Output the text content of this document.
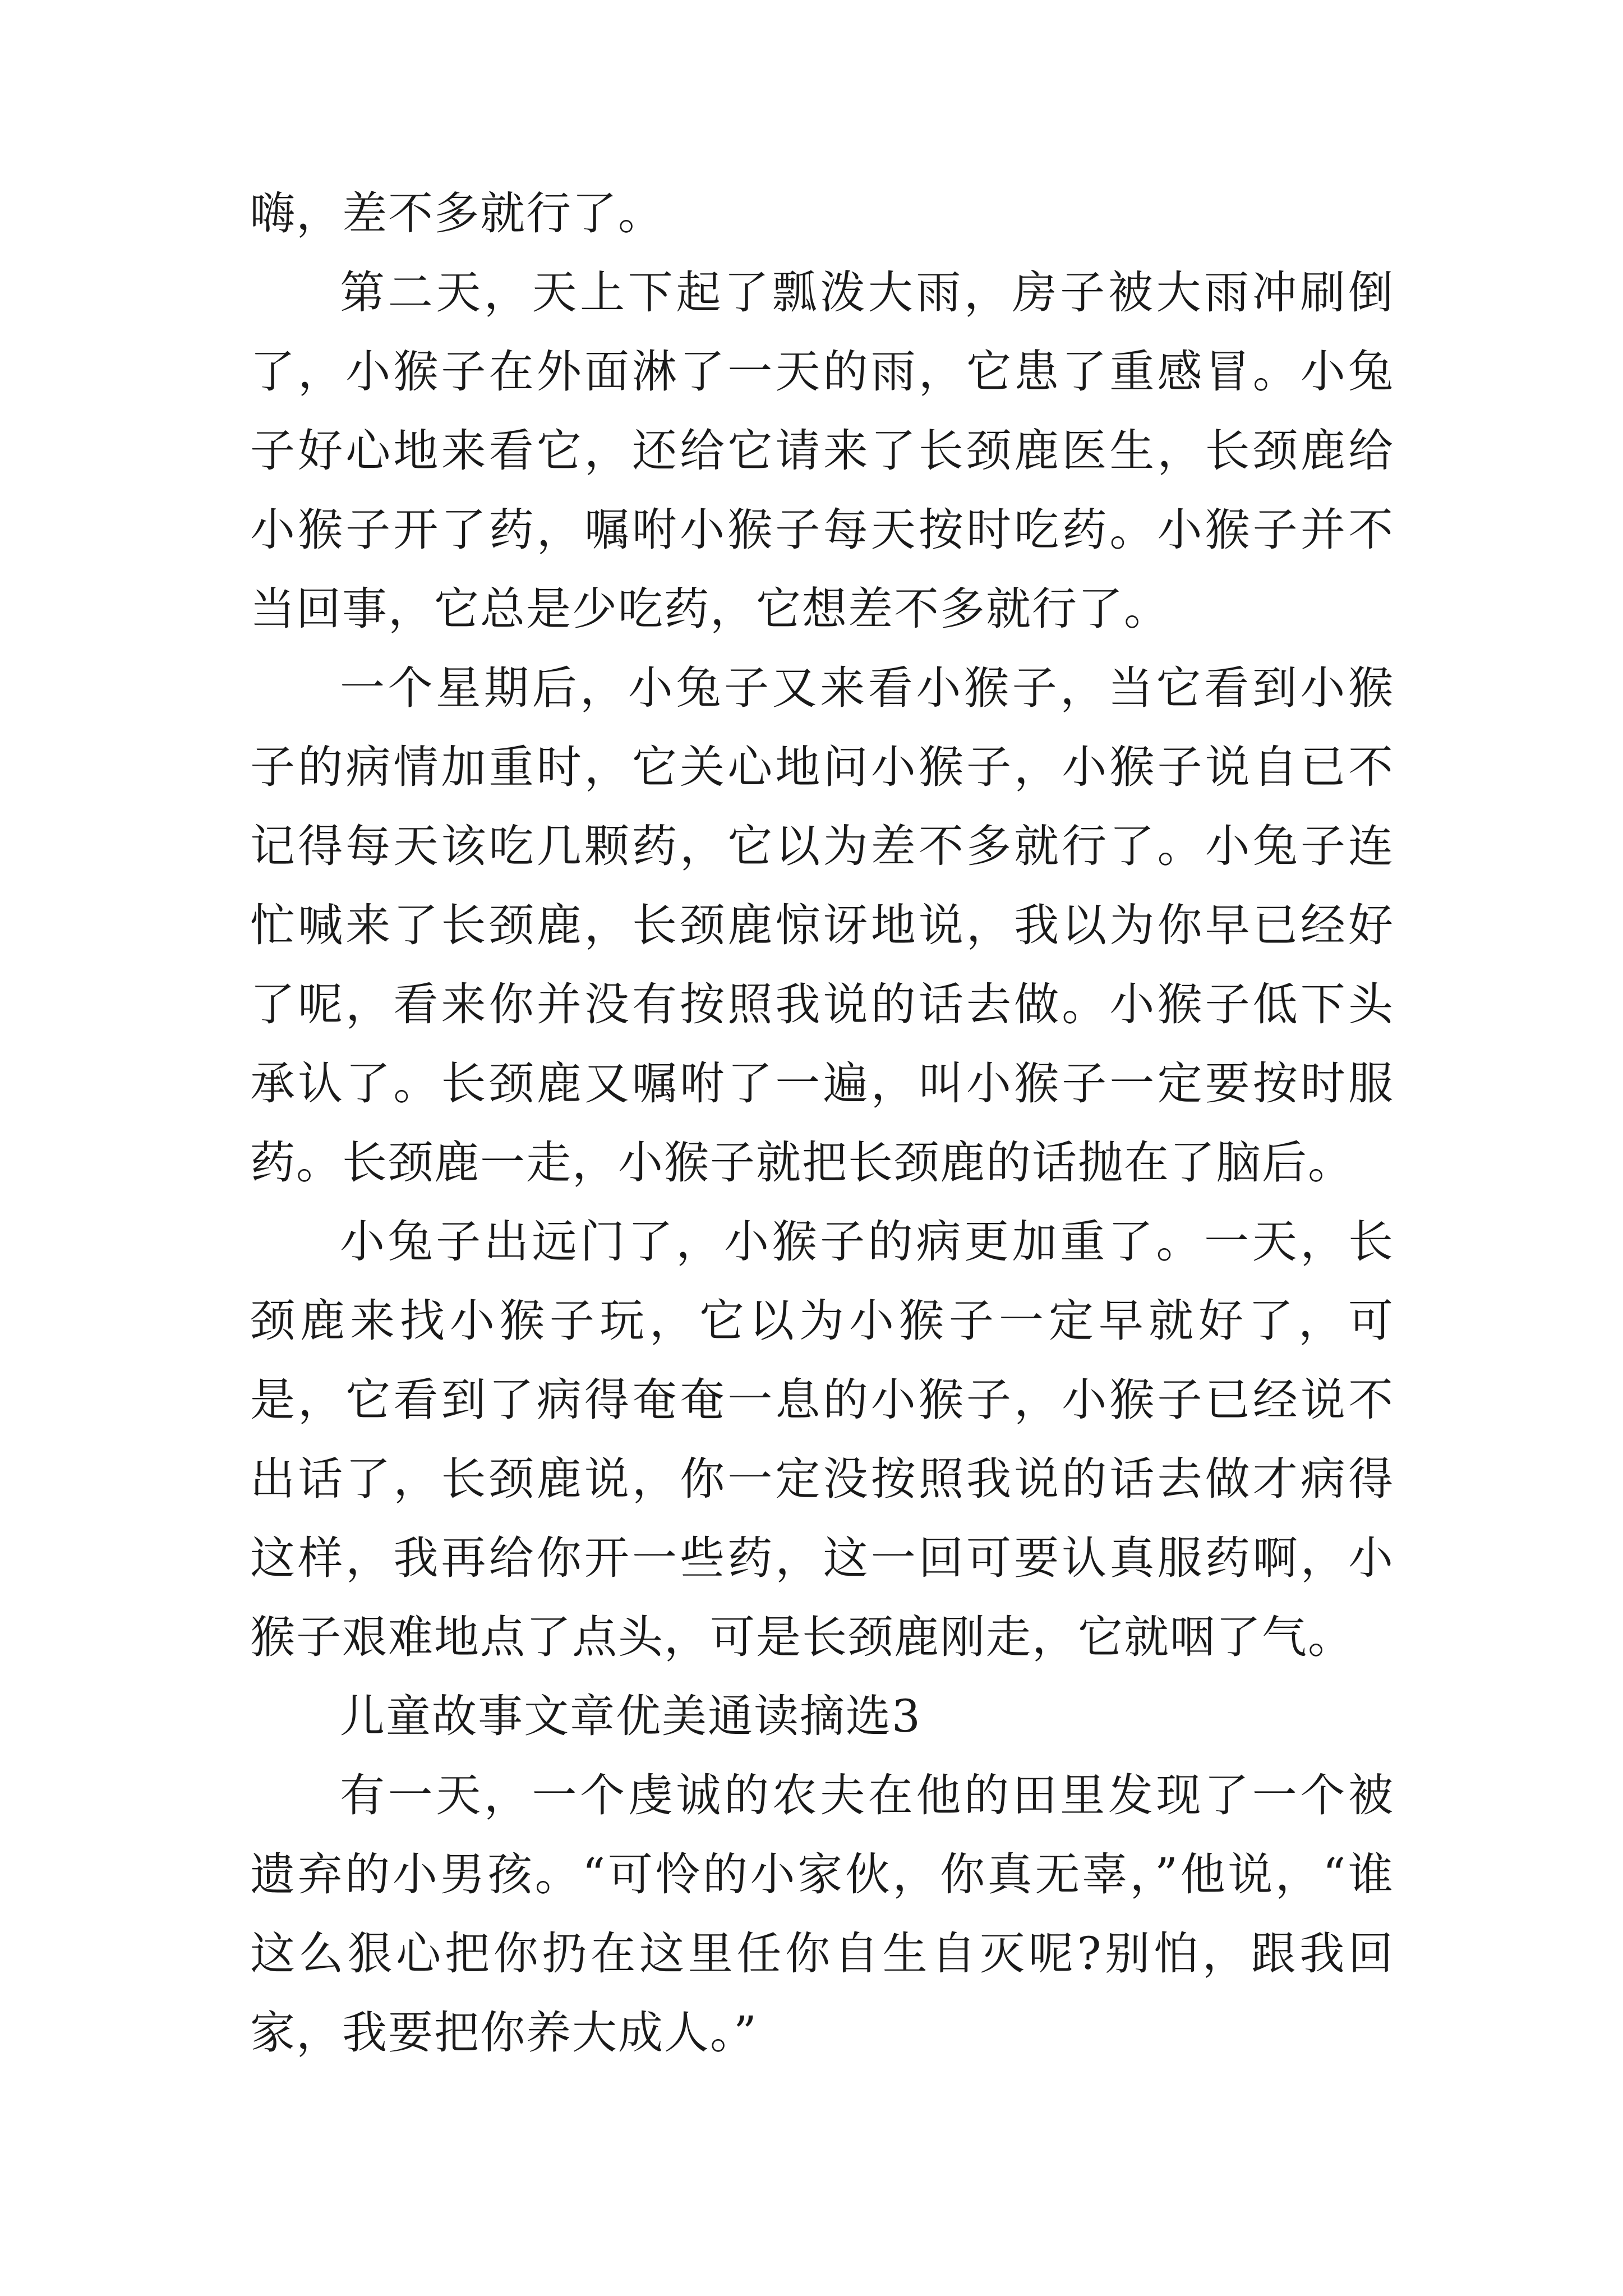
嗨，差不多就行了。

第二天，天上下起了瓢泼大雨，房子被大雨冲刷倒了，小猴子在外面淋了一天的雨，它患了重感冒。小兔子好心地来看它，还给它请来了长颈鹿医生，长颈鹿给小猴子开了药，嘱咐小猴子每天按时吃药。小猴子并不当回事，它总是少吃药，它想差不多就行了。

一个星期后，小兔子又来看小猴子，当它看到小猴子的病情加重时，它关心地问小猴子，小猴子说自已不记得每天该吃几颗药，它以为差不多就行了。小兔子连忙喊来了长颈鹿，长颈鹿惊讶地说，我以为你早已经好了呢，看来你并没有按照我说的话去做。小猴子低下头承认了。长颈鹿又嘱咐了一遍，叫小猴子一定要按时服药。长颈鹿一走，小猴子就把长颈鹿的话抛在了脑后。

小兔子出远门了，小猴子的病更加重了。一天，长颈鹿来找小猴子玩，它以为小猴子一定早就好了，可是，它看到了病得奄奄一息的小猴子，小猴子已经说不出话了，长颈鹿说，你一定没按照我说的话去做才病得这样，我再给你开一些药，这一回可要认真服药啊，小猴子艰难地点了点头，可是长颈鹿刚走，它就咽了气。

儿童故事文章优美通读摘选3

有一天，一个虔诚的农夫在他的田里发现了一个被遗弃的小男孩。“可怜的小家伙，你真无辜，”他说，“谁这么狠心把你扔在这里任你自生自灭呢?别怕，跟我回家，我要把你养大成人。”
